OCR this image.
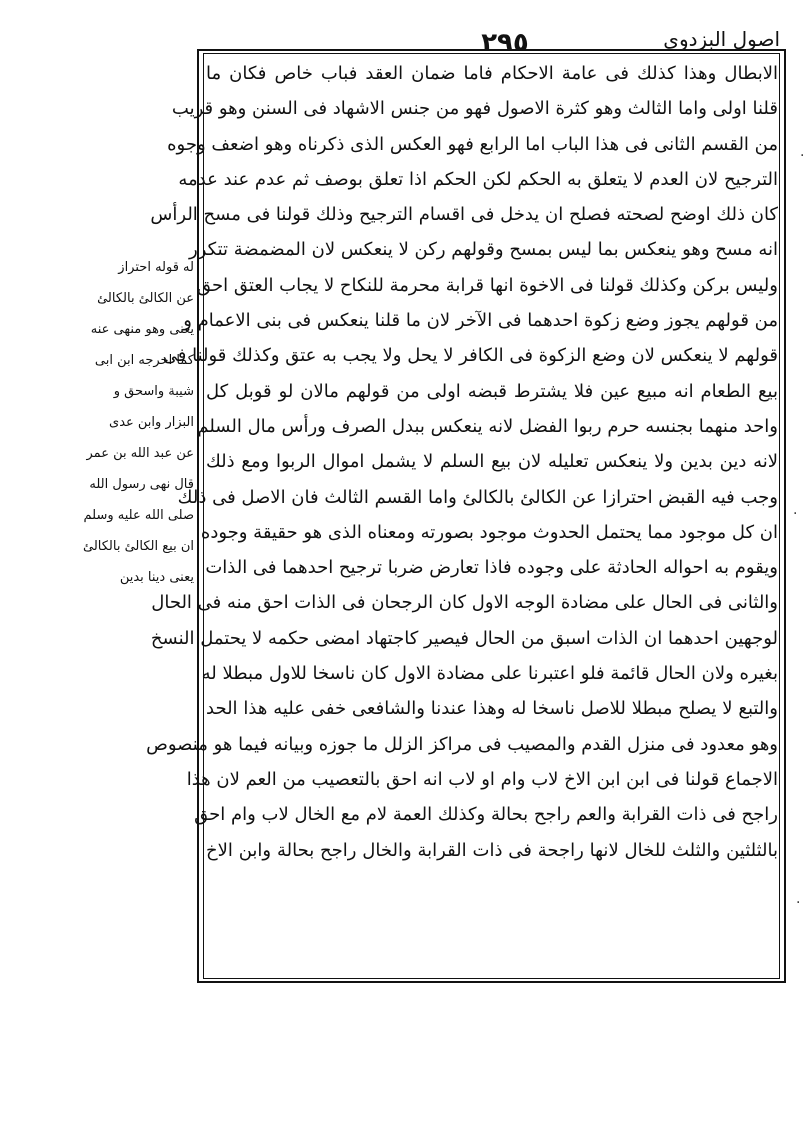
اصول البزدوی
٢٩٥
الابطال وهذا كذلك فى عامة الاحكام فاما ضمان العقد فباب خاص فكان ما
قلنا اولى واما الثالث وهو كثرة الاصول فهو من جنس الاشهاد فى السنن وهو قريب
من القسم الثانى فى هذا الباب اما الرابع فهو العكس الذى ذكرناه وهو اضعف وجوه
الترجيح لان العدم لا يتعلق به الحكم لكن الحكم اذا تعلق بوصف ثم عدم عند عدمه
كان ذلك اوضح لصحته فصلح ان يدخل فى اقسام الترجيح وذلك قولنا فى مسح الرأس
انه مسح وهو ينعكس بما ليس بمسح وقولهم ركن لا ينعكس لان المضمضة تتكرر
وليس بركن وكذلك قولنا فى الاخوة انها قرابة محرمة للنكاح لا يجاب العتق احق
من قولهم يجوز وضع زكوة احدهما فى الآخر لان ما قلنا ينعكس فى بنى الاعمام و
قولهم لا ينعكس لان وضع الزكوة فى الكافر لا يحل ولا يجب به عتق وكذلك قولنا فى
بيع الطعام انه مبيع عين فلا يشترط قبضه اولى من قولهم مالان لو قوبل كل
واحد منهما بجنسه حرم ربوا الفضل لانه ينعكس ببدل الصرف ورأس مال السلم
لانه دين بدين ولا ينعكس تعليله لان بيع السلم لا يشمل اموال الربوا ومع ذلك
وجب فيه القبض احترازا عن الكالئ بالكالئ واما القسم الثالث فان الاصل فى ذلك
ان كل موجود مما يحتمل الحدوث موجود بصورته ومعناه الذى هو حقيقة وجوده
ويقوم به احواله الحادثة على وجوده فاذا تعارض ضربا ترجيح احدهما فى الذات
والثانى فى الحال على مضادة الوجه الاول كان الرجحان فى الذات احق منه فى الحال
لوجهين احدهما ان الذات اسبق من الحال فيصير كاجتهاد امضى حكمه لا يحتمل النسخ
بغيره ولان الحال قائمة فلو اعتبرنا على مضادة الاول كان ناسخا للاول مبطلا له
والتبع لا يصلح مبطلا للاصل ناسخا له وهذا عندنا والشافعى خفى عليه هذا الحد
وهو معدود فى منزل القدم والمصيب فى مراكز الزلل ما جوزه وبيانه فيما هو منصوص
الاجماع قولنا فى ابن ابن الاخ لاب وام او لاب انه احق بالتعصيب من العم لان هذا
راجح فى ذات القرابة والعم راجح بحالة وكذلك العمة لام مع الخال لاب وام احق
بالثلثين والثلث للخال لانها راجحة فى ذات القرابة والخال راجح بحالة وابن الاخ
له قوله احتراز
عن الكالئ بالكالئ
يعنى وهو منهى عنه
كما اخرجه ابن ابى
شيبة واسحق و
البزار وابن عدى
عن عبد الله بن عمر
قال نهى رسول الله
صلى الله عليه وسلم
ان بيع الكالئ بالكالئ
يعنى دينا بدين
·
·
·
